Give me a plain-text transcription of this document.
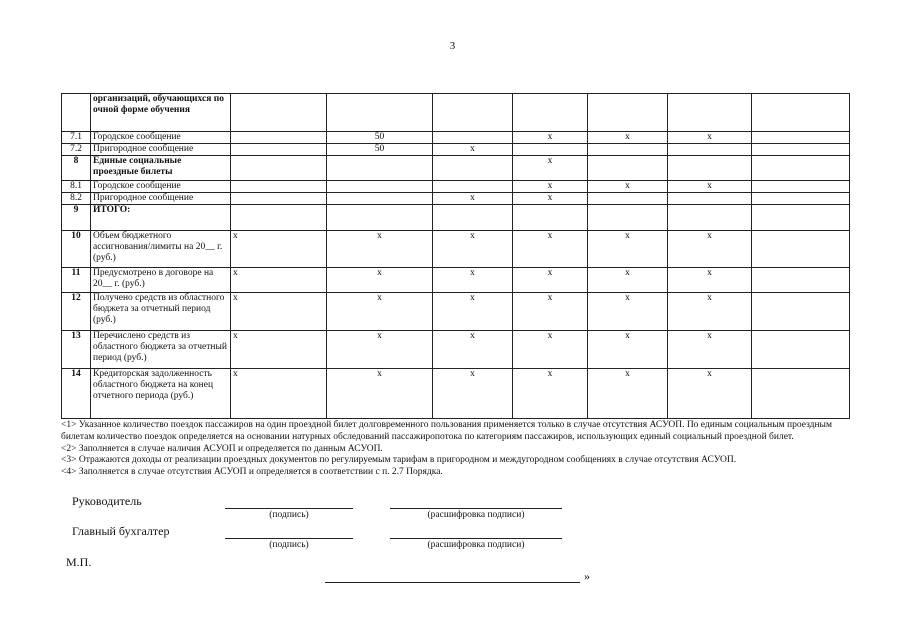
3
	организаций, обучающихся по очной форме обучения							
7.1	Городское сообщение		50		x	x	x	
7.2	Пригородное сообщение		50	x				
8	Единые социальные проездные билеты				x			
8.1	Городское сообщение				x	x	x	
8.2	Пригородное сообщение			x	x			
9	ИТОГО:							
10	Объем бюджетного ассигнования/лимиты на 20__ г. (руб.)	x	x	x	x	x	x	
11	Предусмотрено в договоре на 20__ г. (руб.)	x	x	x	x	x	x	
12	Получено средств из областного бюджета за отчетный период (руб.)	x	x	x	x	x	x	
13	Перечислено средств из областного бюджета за отчетный период (руб.)	x	x	x	x	x	x	
14	Кредиторская задолженность областного бюджета на конец отчетного периода (руб.)	x	x	x	x	x	x	

<1> Указанное количество поездок пассажиров на один проездной билет долговременного пользования применяется только в случае отсутствия АСУОП. По единым социальным проездным билетам количество поездок определяется на основании натурных обследований пассажиропотока по категориям пассажиров, использующих единый социальный проездной билет.

<2> Заполняется в случае наличия АСУОП и определяется по данным АСУОП.

<3> Отражаются доходы от реализации проездных документов по регулируемым тарифам в пригородном и междугородном сообщениях в случае отсутствия АСУОП.

<4> Заполняется в случае отсутствия АСУОП и определяется в соответствии с п. 2.7 Порядка.

Руководитель
(подпись)	(расшифровка подписи)
Главный бухгалтер
(подпись)	(расшифровка подписи)
М.П.
»
